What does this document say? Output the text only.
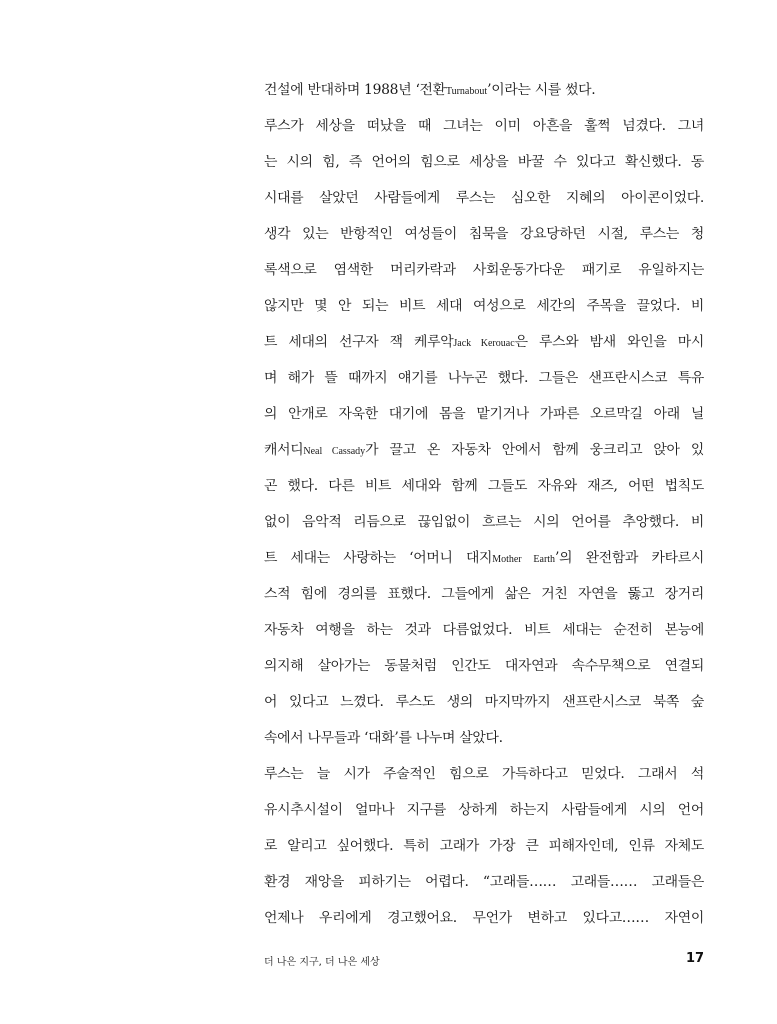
건설에 반대하며 1988년 ‘전환Turnabout’이라는 시를 썼다.
루스가 세상을 떠났을 때 그녀는 이미 아흔을 훌쩍 넘겼다. 그녀
는 시의 힘, 즉 언어의 힘으로 세상을 바꿀 수 있다고 확신했다. 동
시대를 살았던 사람들에게 루스는 심오한 지혜의 아이콘이었다.
생각 있는 반항적인 여성들이 침묵을 강요당하던 시절, 루스는 청
록색으로 염색한 머리카락과 사회운동가다운 패기로 유일하지는
않지만 몇 안 되는 비트 세대 여성으로 세간의 주목을 끌었다. 비
트 세대의 선구자 잭 케루악Jack Kerouac은 루스와 밤새 와인을 마시
며 해가 뜰 때까지 얘기를 나누곤 했다. 그들은 샌프란시스코 특유
의 안개로 자욱한 대기에 몸을 맡기거나 가파른 오르막길 아래 닐
캐서디Neal Cassady가 끌고 온 자동차 안에서 함께 웅크리고 앉아 있
곤 했다. 다른 비트 세대와 함께 그들도 자유와 재즈, 어떤 법칙도
없이 음악적 리듬으로 끊임없이 흐르는 시의 언어를 추앙했다. 비
트 세대는 사랑하는 ‘어머니 대지Mother Earth’의 완전함과 카타르시
스적 힘에 경의를 표했다. 그들에게 삶은 거친 자연을 뚫고 장거리
자동차 여행을 하는 것과 다름없었다. 비트 세대는 순전히 본능에
의지해 살아가는 동물처럼 인간도 대자연과 속수무책으로 연결되
어 있다고 느꼈다. 루스도 생의 마지막까지 샌프란시스코 북쪽 숲
속에서 나무들과 ‘대화’를 나누며 살았다.
루스는 늘 시가 주술적인 힘으로 가득하다고 믿었다. 그래서 석
유시추시설이 얼마나 지구를 상하게 하는지 사람들에게 시의 언어
로 알리고 싶어했다. 특히 고래가 가장 큰 피해자인데, 인류 자체도
환경 재앙을 피하기는 어렵다. “고래들…… 고래들…… 고래들은
언제나 우리에게 경고했어요. 무언가 변하고 있다고…… 자연이
더 나은 지구, 더 나은 세상	17
